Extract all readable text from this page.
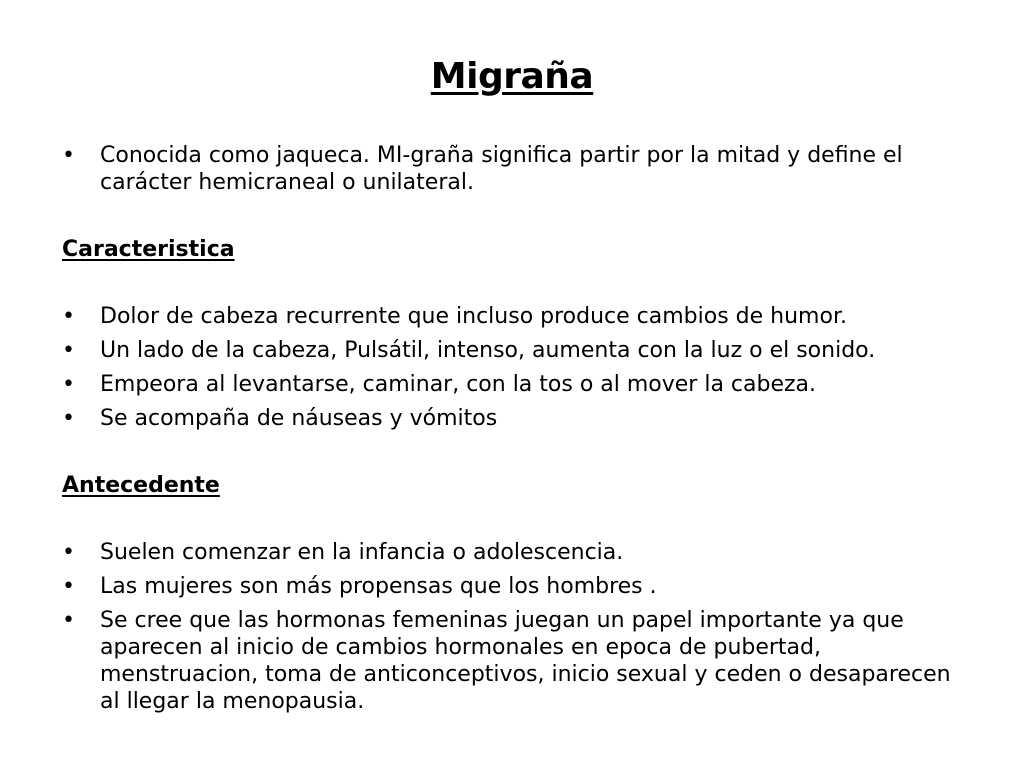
Migraña
•	Conocida como jaqueca. MI-graña significa partir por la mitad y define el carácter hemicraneal o unilateral.
Caracteristica
•	Dolor de cabeza recurrente que incluso produce cambios de humor.
•	Un lado de la cabeza, Pulsátil, intenso, aumenta con la luz o el sonido.
•	Empeora al levantarse, caminar, con la tos o al mover la cabeza.
•	Se acompaña de náuseas y vómitos
Antecedente
•	Suelen comenzar en la infancia o adolescencia.
•	Las mujeres son más propensas que los hombres .
•	Se cree que las hormonas femeninas juegan un papel importante ya que aparecen al inicio de cambios hormonales en epoca de pubertad, menstruacion, toma de anticonceptivos, inicio sexual y ceden o desaparecen al llegar la menopausia.
